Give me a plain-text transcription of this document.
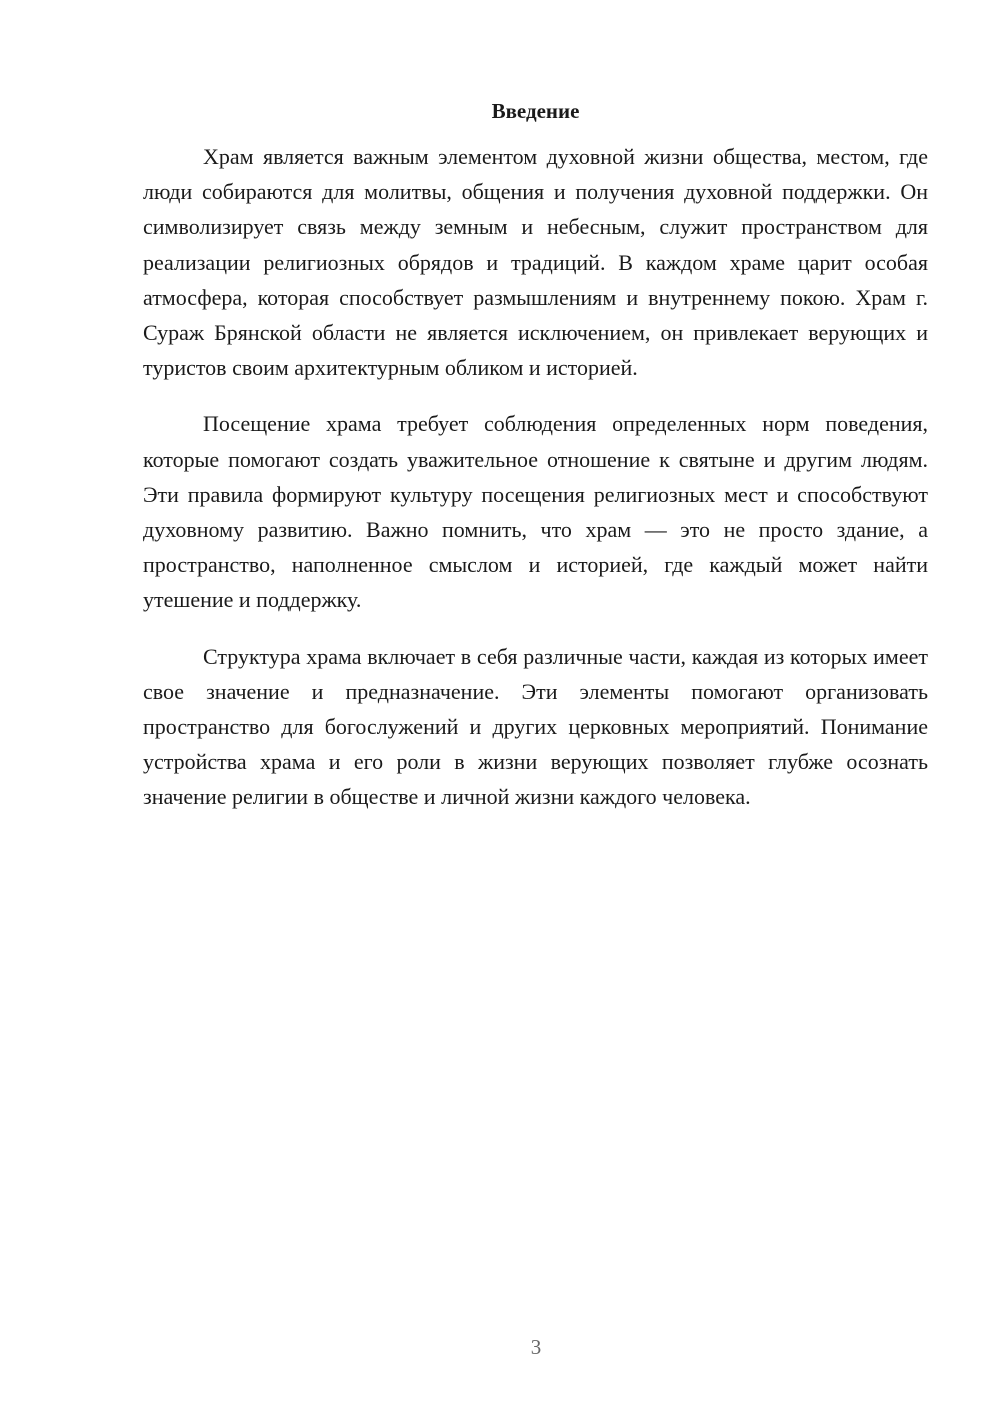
Введение

Храм является важным элементом духовной жизни общества, местом, где люди собираются для молитвы, общения и получения духовной поддержки. Он символизирует связь между земным и небесным, служит пространством для реализации религиозных обрядов и традиций. В каждом храме царит особая атмосфера, которая способствует размышлениям и внутреннему покою. Храм г. Сураж Брянской области не является исключением, он привлекает верующих и туристов своим архитектурным обликом и историей.

Посещение храма требует соблюдения определенных норм поведения, которые помогают создать уважительное отношение к святыне и другим людям. Эти правила формируют культуру посещения религиозных мест и способствуют духовному развитию. Важно помнить, что храм — это не просто здание, а пространство, наполненное смыслом и историей, где каждый может найти утешение и поддержку.

Структура храма включает в себя различные части, каждая из которых имеет свое значение и предназначение. Эти элементы помогают организовать пространство для богослужений и других церковных мероприятий. Понимание устройства храма и его роли в жизни верующих позволяет глубже осознать значение религии в обществе и личной жизни каждого человека.

3
